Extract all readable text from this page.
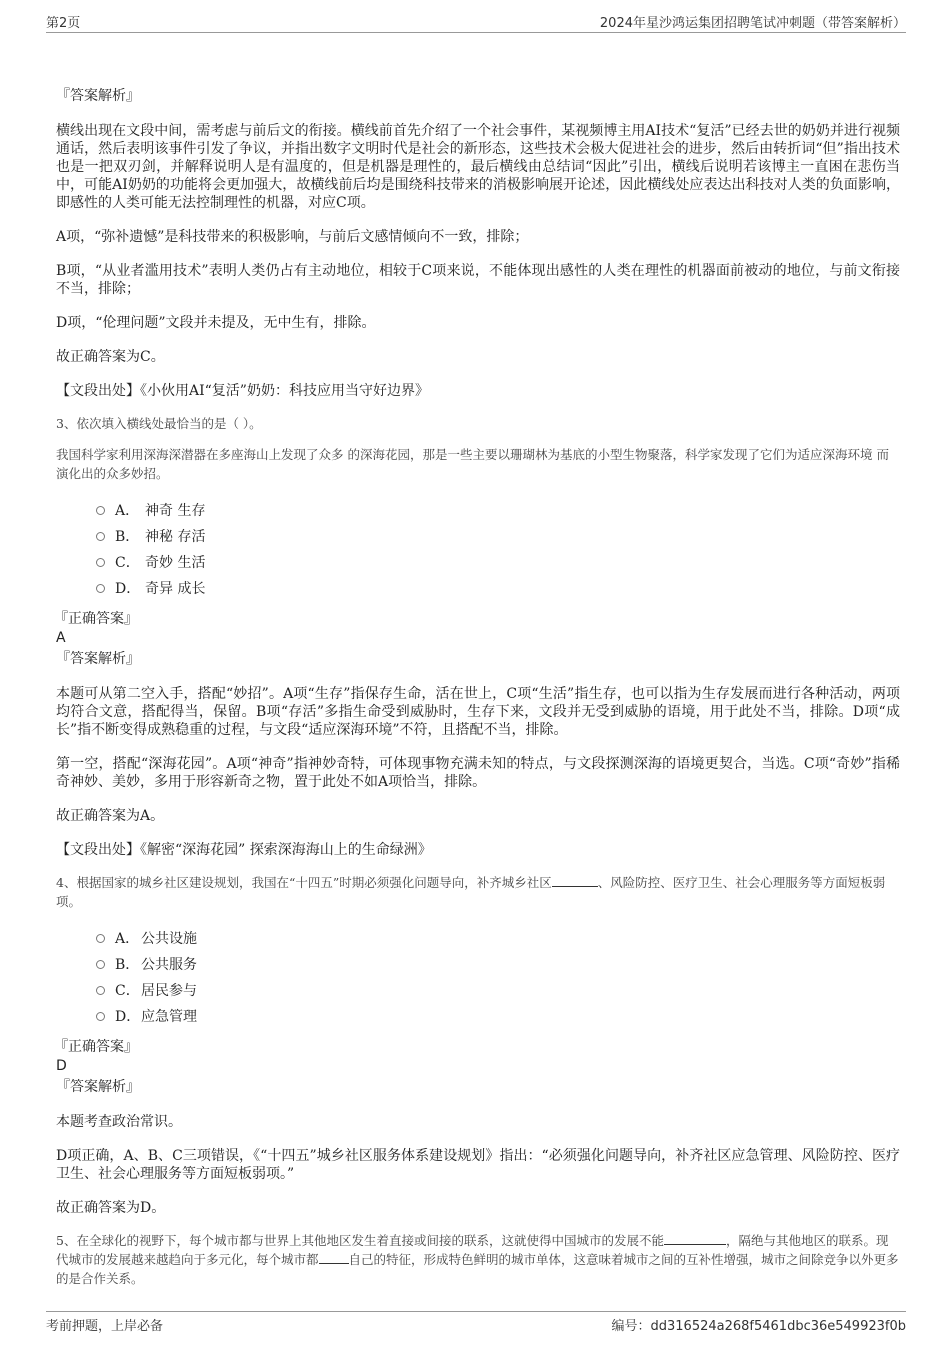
第2页	2024年星沙鸿运集团招聘笔试冲刺题（带答案解析）

『答案解析』

横线出现在文段中间，需考虑与前后文的衔接。横线前首先介绍了一个社会事件，某视频博主用AI技术“复活”已经去世的奶奶并进行视频通话，然后表明该事件引发了争议，并指出数字文明时代是社会的新形态，这些技术会极大促进社会的进步，然后由转折词“但”指出技术也是一把双刃剑，并解释说明人是有温度的，但是机器是理性的，最后横线由总结词“因此”引出，横线后说明若该博主一直困在悲伤当中，可能AI奶奶的功能将会更加强大，故横线前后均是围绕科技带来的消极影响展开论述，因此横线处应表达出科技对人类的负面影响，即感性的人类可能无法控制理性的机器，对应C项。

A项，“弥补遗憾”是科技带来的积极影响，与前后文感情倾向不一致，排除；

B项，“从业者滥用技术”表明人类仍占有主动地位，相较于C项来说，不能体现出感性的人类在理性的机器面前被动的地位，与前文衔接不当，排除；

D项，“伦理问题”文段并未提及，无中生有，排除。

故正确答案为C。

【文段出处】《小伙用AI“复活”奶奶：科技应用当守好边界》

3、依次填入横线处最恰当的是（ ）。

我国科学家利用深海深潜器在多座海山上发现了众多 的深海花园，那是一些主要以珊瑚林为基底的小型生物聚落，科学家发现了它们为适应深海环境 而演化出的众多妙招。

A． 神奇 生存
B． 神秘 存活
C． 奇妙 生活
D． 奇异 成长

『正确答案』

A

『答案解析』

本题可从第二空入手，搭配“妙招”。A项“生存”指保存生命，活在世上，C项“生活”指生存，也可以指为生存发展而进行各种活动，两项均符合文意，搭配得当，保留。B项“存活”多指生命受到威胁时，生存下来，文段并无受到威胁的语境，用于此处不当，排除。D项“成长”指不断变得成熟稳重的过程，与文段“适应深海环境”不符，且搭配不当，排除。

第一空，搭配“深海花园”。A项“神奇”指神妙奇特，可体现事物充满未知的特点，与文段探测深海的语境更契合，当选。C项“奇妙”指稀奇神妙、美妙，多用于形容新奇之物，置于此处不如A项恰当，排除。

故正确答案为A。

【文段出处】《解密“深海花园” 探索深海海山上的生命绿洲》

4、根据国家的城乡社区建设规划，我国在“十四五”时期必须强化问题导向，补齐城乡社区	、风险防控、医疗卫生、社会心理服务等方面短板弱项。

A． 公共设施
B． 公共服务
C． 居民参与
D． 应急管理

『正确答案』

D

『答案解析』

本题考查政治常识。

D项正确，A、B、C三项错误，《“十四五”城乡社区服务体系建设规划》指出：“必须强化问题导向，补齐社区应急管理、风险防控、医疗卫生、社会心理服务等方面短板弱项。”

故正确答案为D。

5、在全球化的视野下，每个城市都与世界上其他地区发生着直接或间接的联系，这就使得中国城市的发展不能	，隔绝与其他地区的联系。现代城市的发展越来越趋向于多元化，每个城市都 自己的特征，形成特色鲜明的城市单体，这意味着城市之间的互补性增强，城市之间除竞争以外更多的是合作关系。

考前押题，上岸必备	编号：dd316524a268f5461dbc36e549923f0b
